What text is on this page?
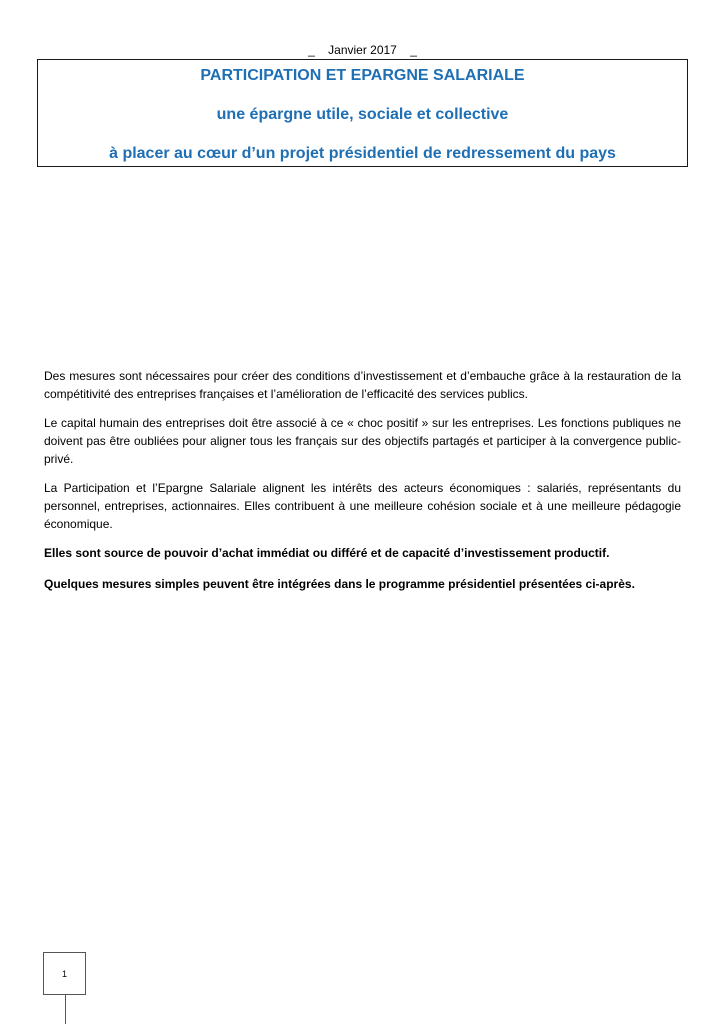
_ Janvier 2017 _
PARTICIPATION ET EPARGNE SALARIALE
une épargne utile, sociale et collective
à placer au cœur d’un projet présidentiel de redressement du pays

Des mesures sont nécessaires pour créer des conditions d’investissement et d’embauche grâce à la restauration de la compétitivité des entreprises françaises et l’amélioration de l’efficacité des services publics.

Le capital humain des entreprises doit être associé à ce « choc positif » sur les entreprises. Les fonctions publiques ne doivent pas être oubliées pour aligner tous les français sur des objectifs partagés et participer à la convergence public-privé.

La Participation et l’Epargne Salariale alignent les intérêts des acteurs économiques : salariés, représentants du personnel, entreprises, actionnaires. Elles contribuent à une meilleure cohésion sociale et à une meilleure pédagogie économique.

Elles sont source de pouvoir d’achat immédiat ou différé et de capacité d’investissement productif.

Quelques mesures simples peuvent être intégrées dans le programme présidentiel présentées ci-après.

1
